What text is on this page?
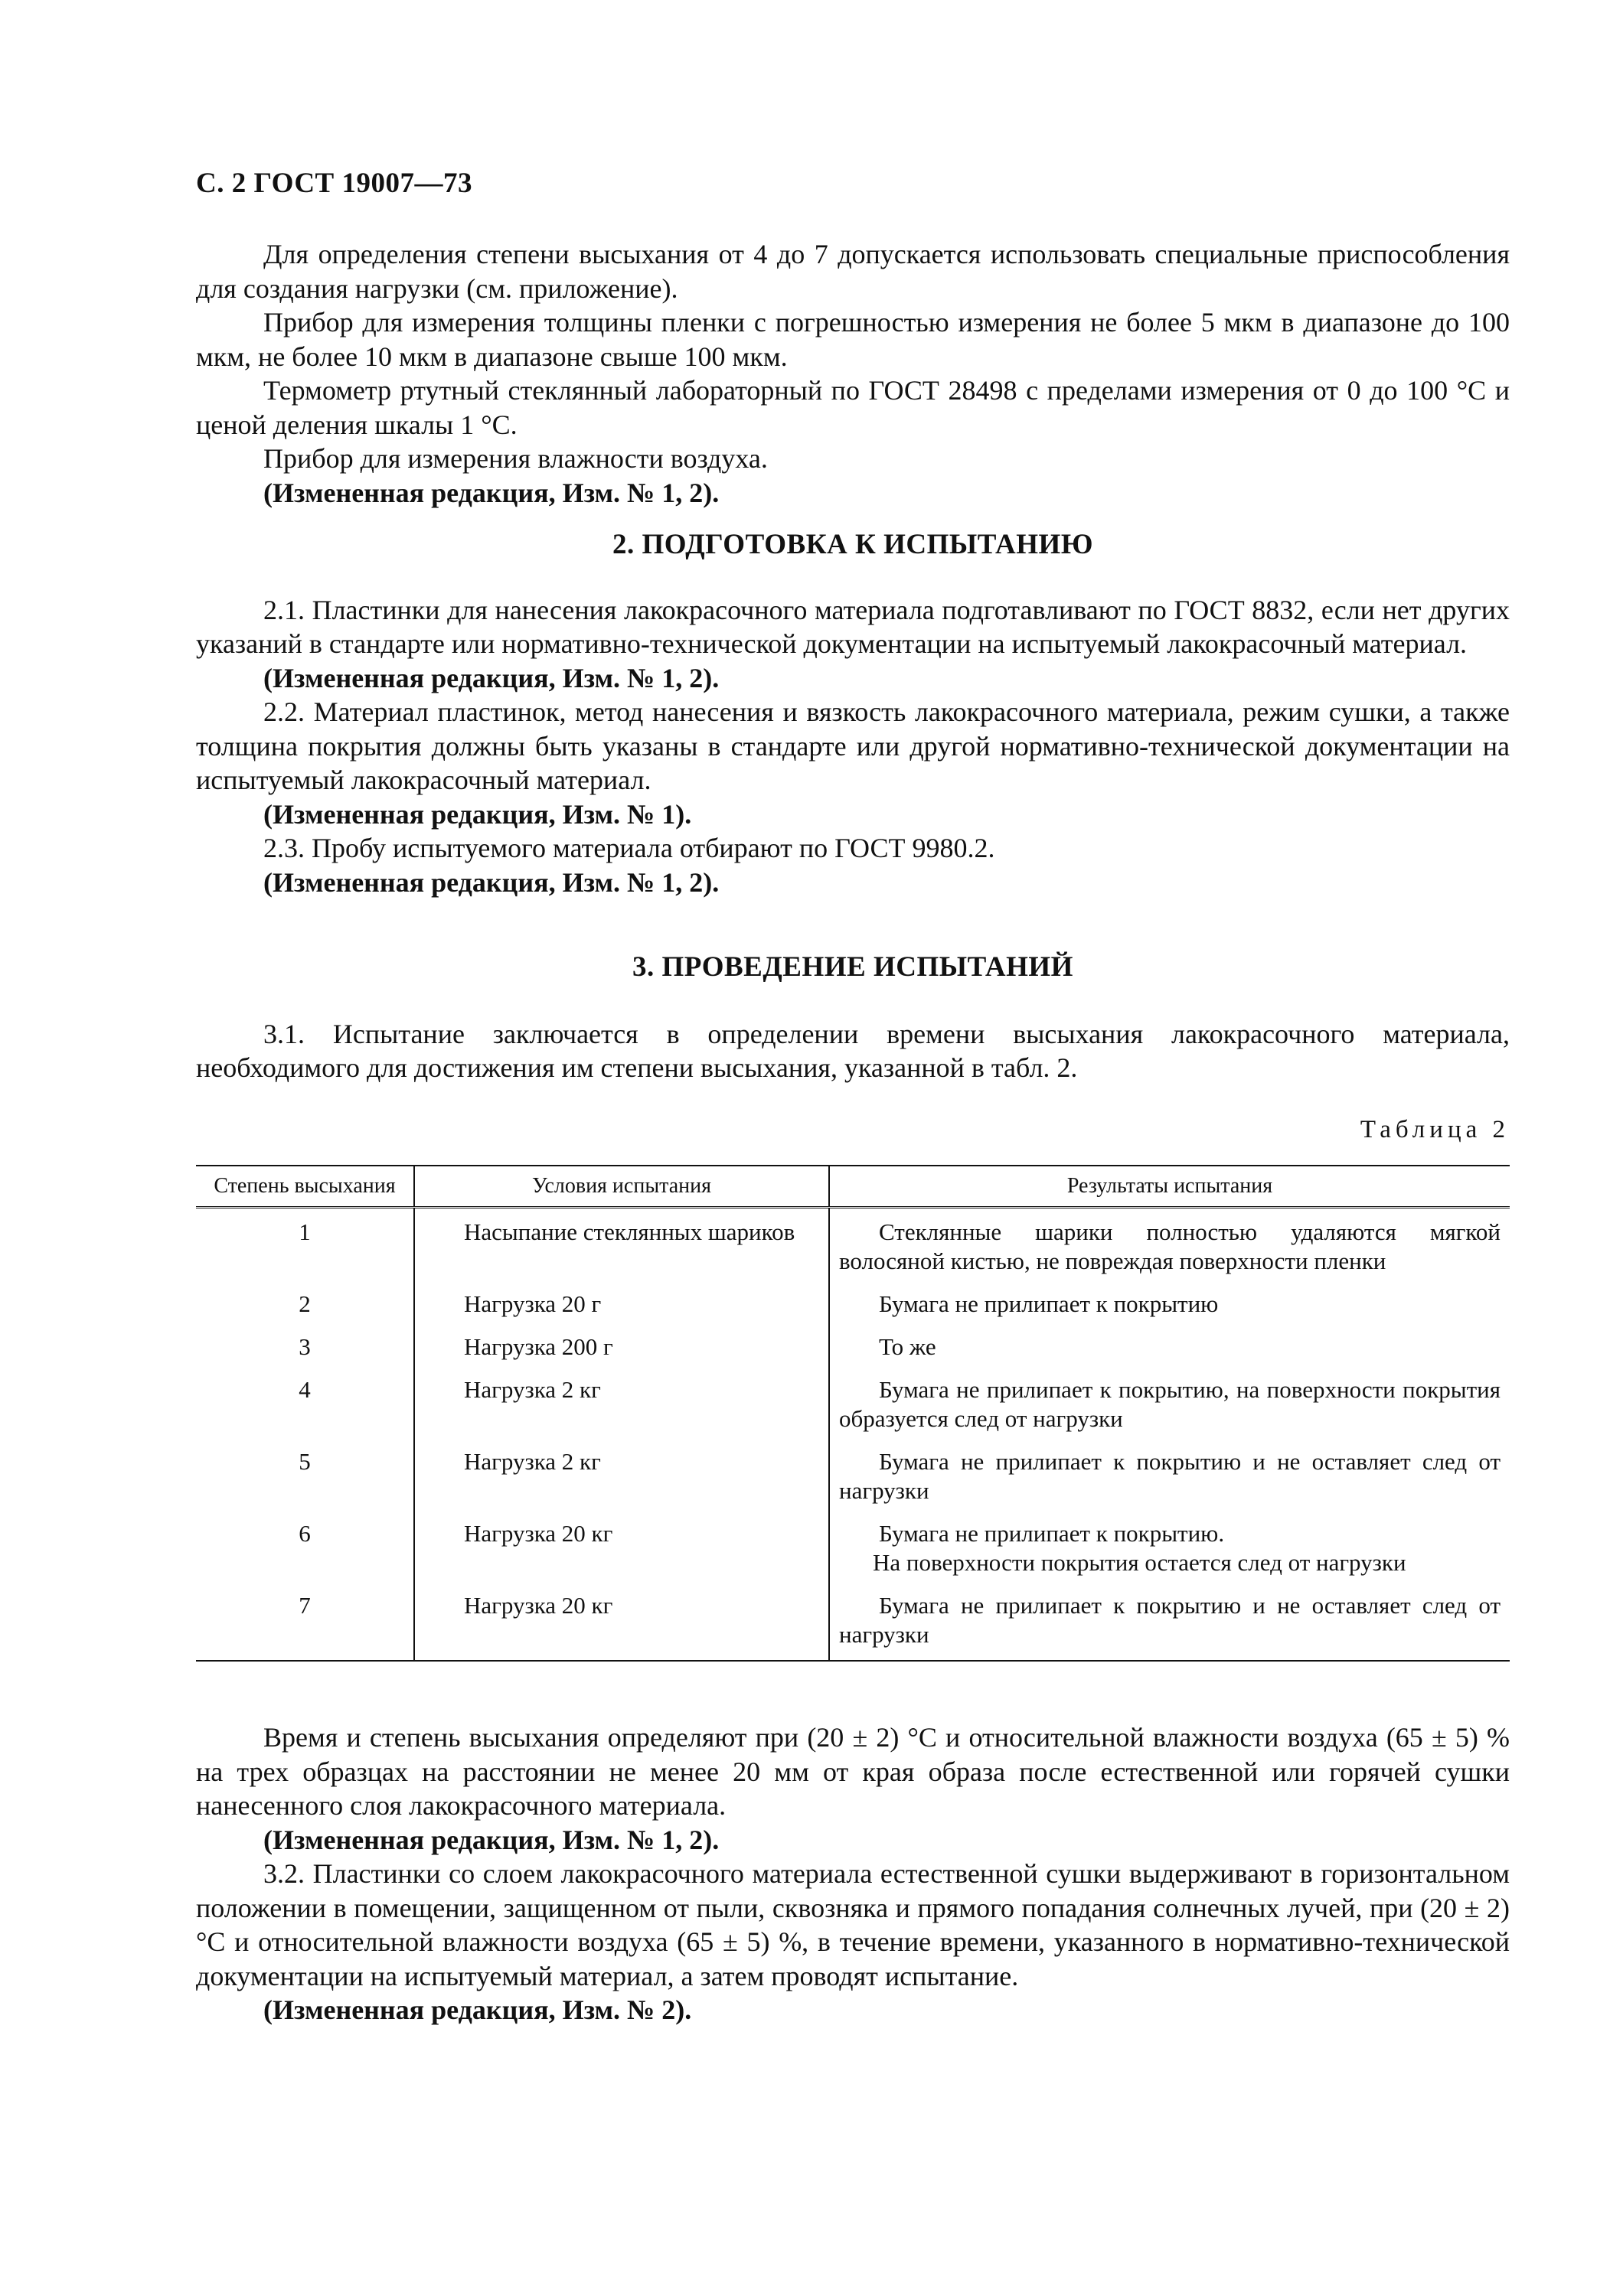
С. 2 ГОСТ 19007—73

Для определения степени высыхания от 4 до 7 допускается использовать специальные приспособления для создания нагрузки (см. приложение).

Прибор для измерения толщины пленки с погрешностью измерения не более 5 мкм в диапазоне до 100 мкм, не более 10 мкм в диапазоне свыше 100 мкм.

Термометр ртутный стеклянный лабораторный по ГОСТ 28498 с пределами измерения от 0 до 100 °С и ценой деления шкалы 1 °С.

Прибор для измерения влажности воздуха.

(Измененная редакция, Изм. № 1, 2).

2. ПОДГОТОВКА К ИСПЫТАНИЮ

2.1. Пластинки для нанесения лакокрасочного материала подготавливают по ГОСТ 8832, если нет других указаний в стандарте или нормативно-технической документации на испытуемый лакокрасочный материал.

(Измененная редакция, Изм. № 1, 2).

2.2. Материал пластинок, метод нанесения и вязкость лакокрасочного материала, режим сушки, а также толщина покрытия должны быть указаны в стандарте или другой нормативно-технической документации на испытуемый лакокрасочный материал.

(Измененная редакция, Изм. № 1).

2.3. Пробу испытуемого материала отбирают по ГОСТ 9980.2.

(Измененная редакция, Изм. № 1, 2).

3. ПРОВЕДЕНИЕ ИСПЫТАНИЙ

3.1. Испытание заключается в определении времени высыхания лакокрасочного материала, необходимого для достижения им степени высыхания, указанной в табл. 2.

Таблица 2
Степень высыхания	Условия испытания	Результаты испытания
1	Насыпание стеклянных шариков	Стеклянные шарики полностью удаляются мягкой волосяной кистью, не повреждая поверхности пленки
2	Нагрузка 20 г	Бумага не прилипает к покрытию
3	Нагрузка 200 г	То же
4	Нагрузка 2 кг	Бумага не прилипает к покрытию, на поверхности покрытия образуется след от нагрузки
5	Нагрузка 2 кг	Бумага не прилипает к покрытию и не оставляет след от нагрузки
6	Нагрузка 20 кг	Бумага не прилипает к покрытию.
На поверхности покрытия остается след от нагрузки

7	Нагрузка 20 кг	Бумага не прилипает к покрытию и не оставляет след от нагрузки

Время и степень высыхания определяют при (20 ± 2) °С и относительной влажности воздуха (65 ± 5) % на трех образцах на расстоянии не менее 20 мм от края образа после естественной или горячей сушки нанесенного слоя лакокрасочного материала.

(Измененная редакция, Изм. № 1, 2).

3.2. Пластинки со слоем лакокрасочного материала естественной сушки выдерживают в горизонтальном положении в помещении, защищенном от пыли, сквозняка и прямого попадания солнечных лучей, при (20 ± 2) °С и относительной влажности воздуха (65 ± 5) %, в течение времени, указанного в нормативно-технической документации на испытуемый материал, а затем проводят испытание.

(Измененная редакция, Изм. № 2).
